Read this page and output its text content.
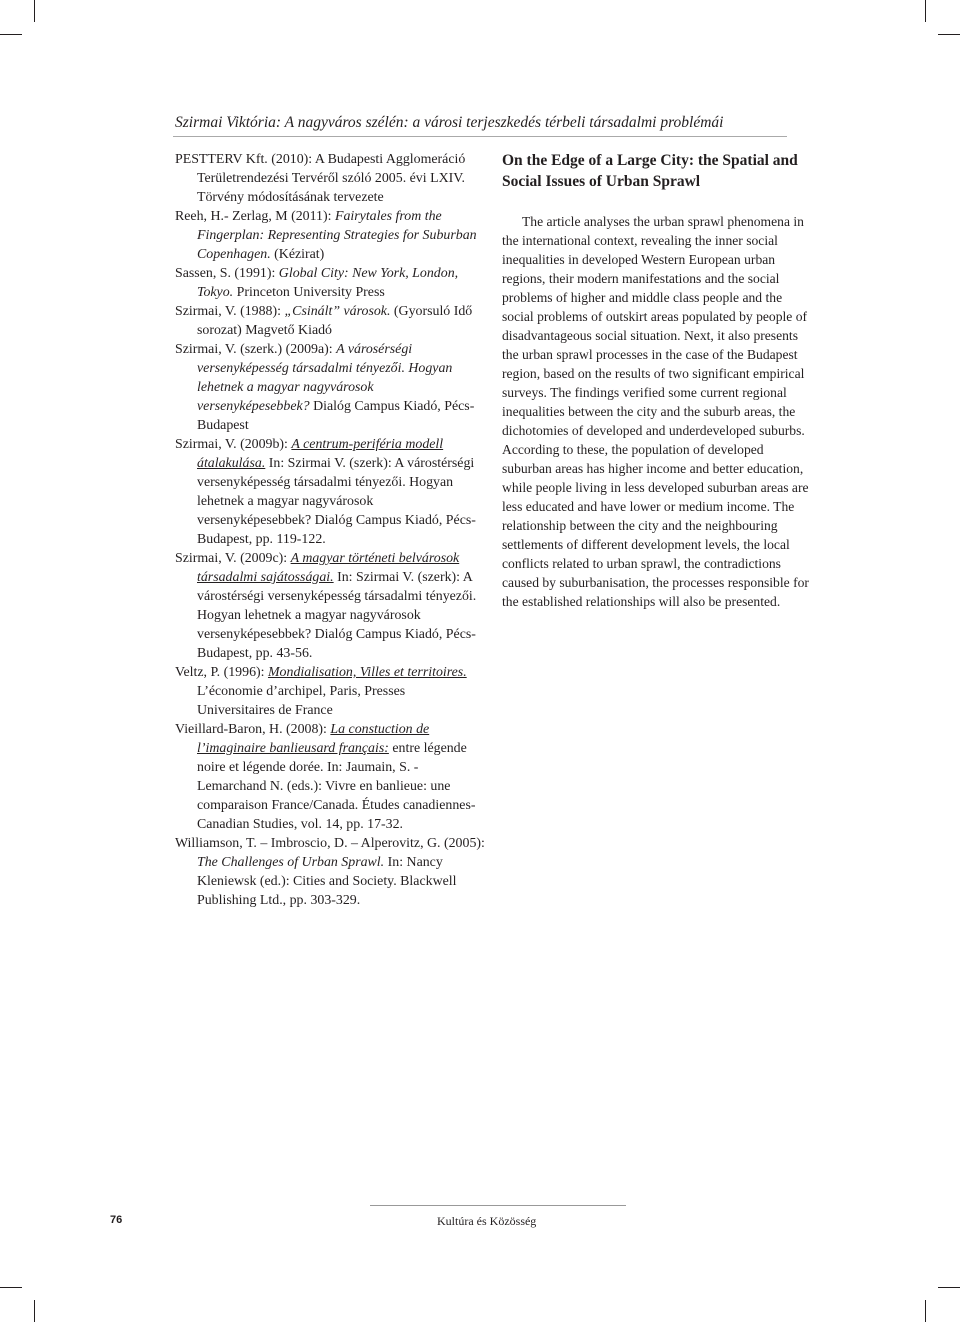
Szirmai Viktória: A nagyváros szélén: a városi terjeszkedés térbeli társadalmi problémái

PESTTERV Kft. (2010): A Budapesti Agglomeráció Területrendezési Tervéről szóló 2005. évi LXIV. Törvény módosításának tervezete

Reeh, H.- Zerlag, M (2011): Fairytales from the Fingerplan: Representing Strategies for Suburban Copenhagen. (Kézirat)

Sassen, S. (1991): Global City: New York, London, Tokyo. Princeton University Press

Szirmai, V. (1988): „Csinált” városok. (Gyorsuló Idő sorozat) Magvető Kiadó

Szirmai, V. (szerk.) (2009a): A városérségi versenyképesség társadalmi tényezői. Hogyan lehetnek a magyar nagyvárosok versenyképesebbek? Dialóg Campus Kiadó, Pécs-Budapest

Szirmai, V. (2009b): A centrum-periféria modell átalakulása. In: Szirmai V. (szerk): A várostérségi versenyképesség társadalmi tényezői. Hogyan lehetnek a magyar nagyvárosok versenyképesebbek? Dialóg Campus Kiadó, Pécs-Budapest, pp. 119-122.

Szirmai, V. (2009c): A magyar történeti belvárosok társadalmi sajátosságai. In: Szirmai V. (szerk): A várostérségi versenyképesség társadalmi tényezői. Hogyan lehetnek a magyar nagyvárosok versenyképesebbek? Dialóg Campus Kiadó, Pécs-Budapest, pp. 43-56.

Veltz, P. (1996): Mondialisation, Villes et territoires. L’économie d’archipel, Paris, Presses Universitaires de France

Vieillard-Baron, H. (2008): La constuction de l’imaginaire banlieusard français: entre légende noire et légende dorée. In: Jaumain, S. - Lemarchand N. (eds.): Vivre en banlieue: une comparaison France/Canada. Études canadiennes-Canadian Studies, vol. 14, pp. 17-32.

Williamson, T. – Imbroscio, D. – Alperovitz, G. (2005): The Challenges of Urban Sprawl. In: Nancy Kleniewsk (ed.): Cities and Society. Blackwell Publishing Ltd., pp. 303-329.

On the Edge of a Large City: the Spatial and Social Issues of Urban Sprawl

The article analyses the urban sprawl phenomena in the international context, revealing the inner social inequalities in developed Western European urban regions, their modern manifestations and the social problems of higher and middle class people and the social problems of outskirt areas populated by people of disadvantageous social situation. Next, it also presents the urban sprawl processes in the case of the Budapest region, based on the results of two significant empirical surveys. The findings verified some current regional inequalities between the city and the suburb areas, the dichotomies of developed and underdeveloped suburbs. According to these, the population of developed suburban areas has higher income and better education, while people living in less developed suburban areas are less educated and have lower or medium income. The relationship between the city and the neighbouring settlements of different development levels, the local conflicts related to urban sprawl, the contradictions caused by suburbanisation, the processes responsible for the established relationships will also be presented.

76	Kultúra és Közösség
